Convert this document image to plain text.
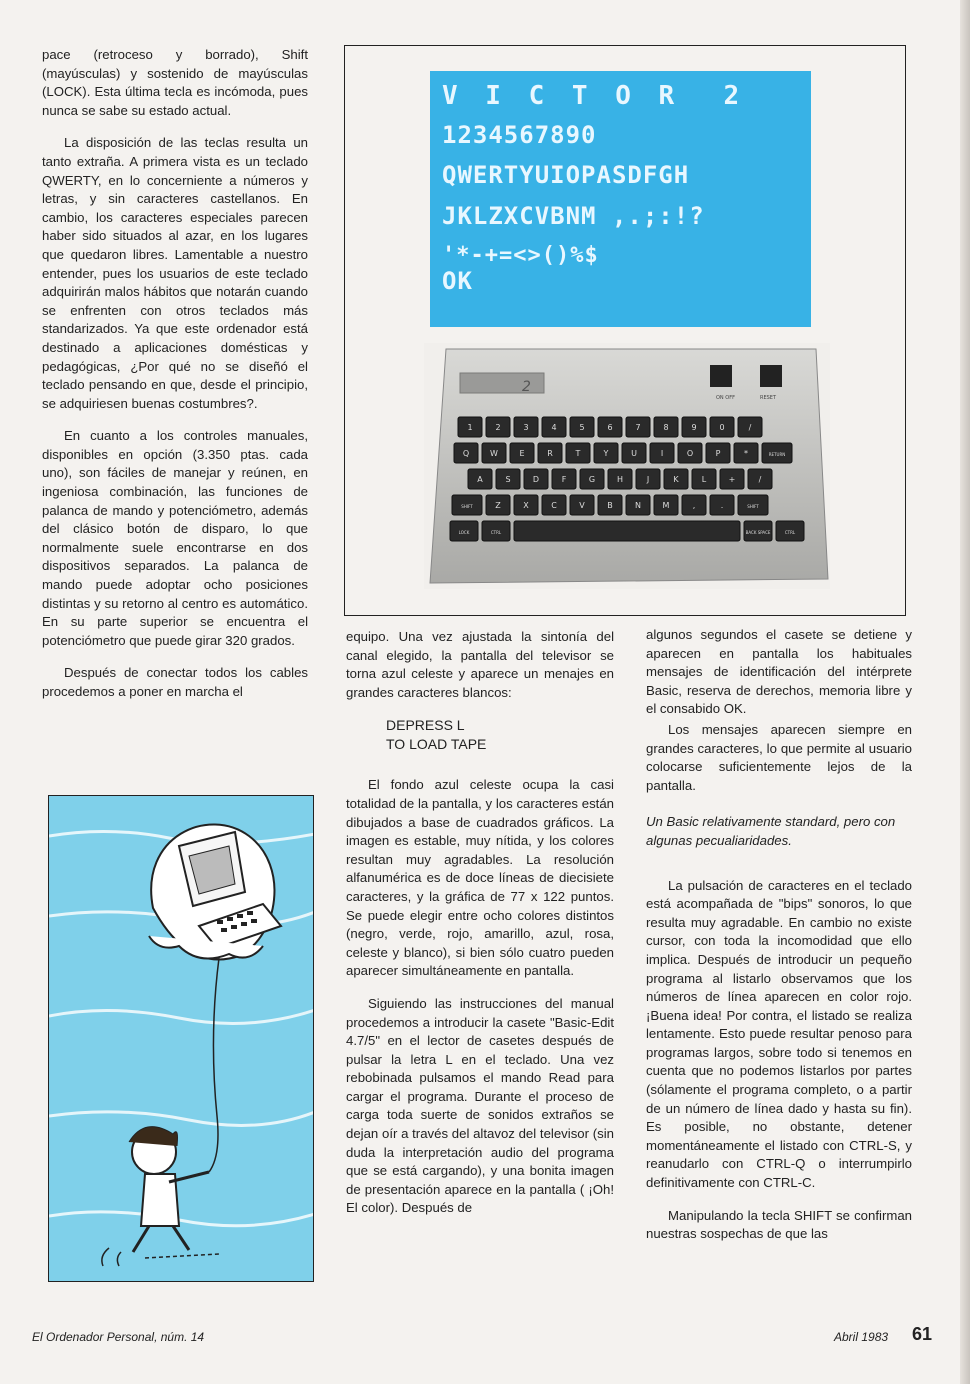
pace (retroceso y borrado), Shift (mayúsculas) y sostenido de mayúsculas (LOCK). Esta última tecla es incómoda, pues nunca se sabe su estado actual.

La disposición de las teclas resulta un tanto extraña. A primera vista es un teclado QWERTY, en lo concerniente a números y letras, y sin caracteres castellanos. En cambio, los caracteres especiales parecen haber sido situados al azar, en los lugares que quedaron libres. Lamentable a nuestro entender, pues los usuarios de este teclado adquirirán malos hábitos que notarán cuando se enfrenten con otros teclados más standarizados. Ya que este ordenador está destinado a aplicaciones domésticas y pedagógicas, ¿Por qué no se diseñó el teclado pensando en que, desde el principio, se adquiriesen buenas costumbres?.

En cuanto a los controles manuales, disponibles en opción (3.350 ptas. cada uno), son fáciles de manejar y reúnen, en ingeniosa combinación, las funciones de palanca de mando y potenciómetro, además del clásico botón de disparo, lo que normalmente suele encontrarse en dos dispositivos separados. La palanca de mando puede adoptar ocho posiciones distintas y su retorno al centro es automático. En su parte superior se encuentra el potenciómetro que puede girar 320 grados.

Después de conectar todos los cables procedemos a poner en marcha el

V I C T O R  2
1234567890
QWERTYUIOPASDFGH
JKLZXCVBNM ,.;:!?
'*-+=<>()%$
OK
2
ON OFF	RESET
1	2	3	4	5	6	7	8	9	0	/
Q	W	E	R	T	Y	U	I	O	P	*	RETURN
A	S	D	F	G	H	J	K	L	+	/
SHIFT	Z	X	C	V	B	N	M	,	.	SHIFT
LOCK	CTRL	BACK SPACE	CTRL

equipo. Una vez ajustada la sintonía del canal elegido, la pantalla del televisor se torna azul celeste y aparece un menajes en grandes caracteres blancos:

DEPRESS L
TO LOAD TAPE

El fondo azul celeste ocupa la casi totalidad de la pantalla, y los caracteres están dibujados a base de cuadrados gráficos. La imagen es estable, muy nítida, y los colores resultan muy agradables. La resolución alfanumérica es de doce líneas de diecisiete caracteres, y la gráfica de 77 x 122 puntos. Se puede elegir entre ocho colores distintos (negro, verde, rojo, amarillo, azul, rosa, celeste y blanco), si bien sólo cuatro pueden aparecer simultáneamente en pantalla.

Siguiendo las instrucciones del manual procedemos a introducir la casete "Basic-Edit 4.7/5" en el lector de casetes después de pulsar la letra L en el teclado. Una vez rebobinada pulsamos el mando Read para cargar el programa. Durante el proceso de carga toda suerte de sonidos extraños se dejan oír a través del altavoz del televisor (sin duda la interpretación audio del programa que se está cargando), y una bonita imagen de presentación aparece en la pantalla ( ¡Oh! El color). Después de

algunos segundos el casete se detiene y aparecen en pantalla los habituales mensajes de identificación del intérprete Basic, reserva de derechos, memoria libre y el consabido OK.

Los mensajes aparecen siempre en grandes caracteres, lo que permite al usuario colocarse suficientemente lejos de la pantalla.

Un Basic relativamente standard, pero con algunas pecualiaridades.

La pulsación de caracteres en el teclado está acompañada de "bips" sonoros, lo que resulta muy agradable. En cambio no existe cursor, con toda la incomodidad que ello implica. Después de introducir un pequeño programa al listarlo observamos que los números de línea aparecen en color rojo. ¡Buena idea! Por contra, el listado se realiza lentamente. Esto puede resultar penoso para programas largos, sobre todo si tenemos en cuenta que no podemos listarlos por partes (sólamente el programa completo, o a partir de un número de línea dado y hasta su fin). Es posible, no obstante, detener momentáneamente el listado con CTRL-S, y reanudarlo con CTRL-Q o interrumpirlo definitivamente con CTRL-C.

Manipulando la tecla SHIFT se confirman nuestras sospechas de que las

El Ordenador Personal, núm. 14	Abril 1983 61
